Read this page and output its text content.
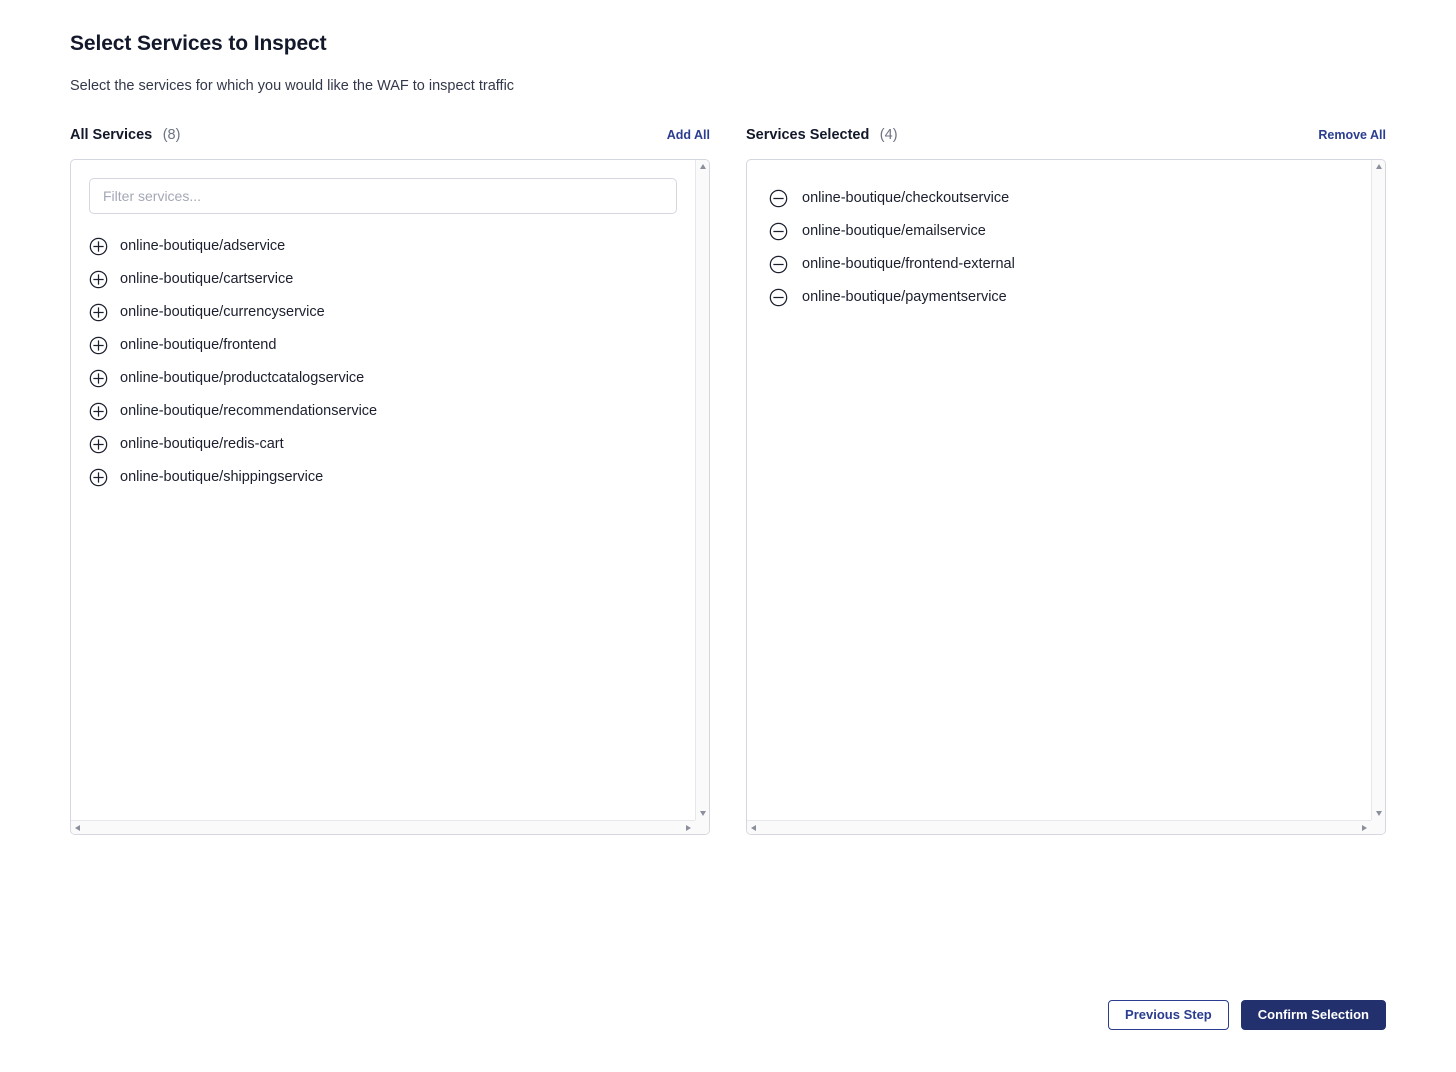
Select Services to Inspect

Select the services for which you would like the WAF to inspect traffic

All Services (8)	Add All
Filter services...
online-boutique/adservice
online-boutique/cartservice
online-boutique/currencyservice
online-boutique/frontend
online-boutique/productcatalogservice
online-boutique/recommendationservice
online-boutique/redis-cart
online-boutique/shippingservice
Services Selected (4)	Remove All
online-boutique/checkoutservice
online-boutique/emailservice
online-boutique/frontend-external
online-boutique/paymentservice
Previous Step	Confirm Selection
